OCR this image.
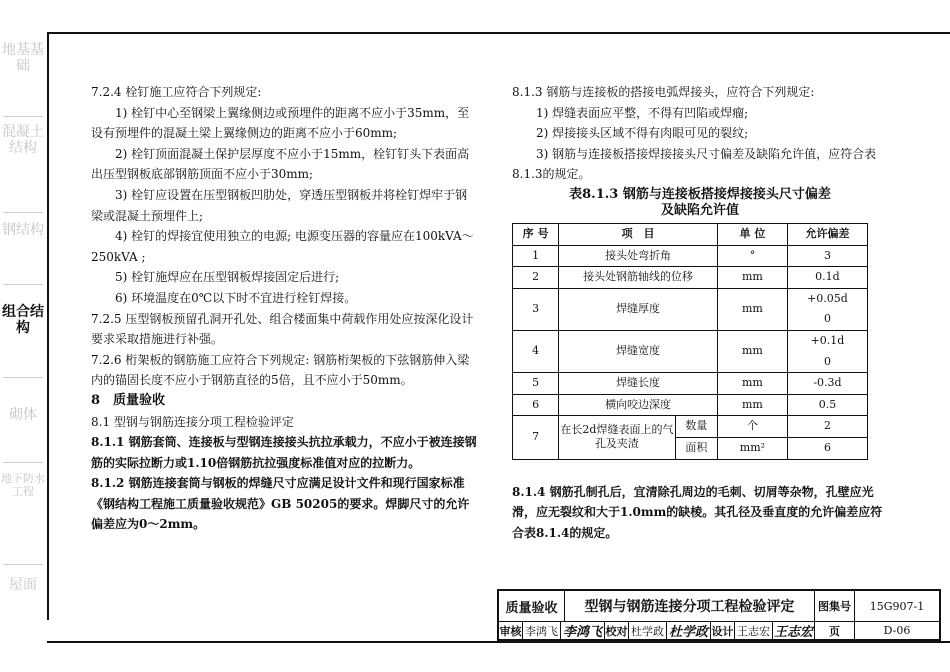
地基基础
混凝土结构
钢结构
组合结构
砌体
地下防水工程
屋面

7.2.4 栓钉施工应符合下列规定:

1) 栓钉中心至钢梁上翼缘侧边或预埋件的距离不应小于35mm，至设有预埋件的混凝土梁上翼缘侧边的距离不应小于60mm;

2) 栓钉顶面混凝土保护层厚度不应小于15mm，栓钉钉头下表面高出压型钢板底部钢筋顶面不应小于30mm;

3) 栓钉应设置在压型钢板凹肋处，穿透压型钢板并将栓钉焊牢于钢梁或混凝土预埋件上;

4) 栓钉的焊接宜使用独立的电源; 电源变压器的容量应在100kVA～250kVA ;

5) 栓钉施焊应在压型钢板焊接固定后进行;

6) 环境温度在0℃以下时不宜进行栓钉焊接。

7.2.5 压型钢板预留孔洞开孔处、组合楼面集中荷载作用处应按深化设计要求采取措施进行补强。

7.2.6 桁架板的钢筋施工应符合下列规定: 钢筋桁架板的下弦钢筋伸入梁内的锚固长度不应小于钢筋直径的5倍，且不应小于50mm。

8　质量验收

8.1 型钢与钢筋连接分项工程检验评定

8.1.1 钢筋套筒、连接板与型钢连接接头抗拉承载力，不应小于被连接钢筋的实际拉断力或1.10倍钢筋抗拉强度标准值对应的拉断力。

8.1.2 钢筋连接套筒与钢板的焊缝尺寸应满足设计文件和现行国家标准《钢结构工程施工质量验收规范》GB 50205的要求。焊脚尺寸的允许偏差应为0～2mm。

8.1.3 钢筋与连接板的搭接电弧焊接头，应符合下列规定:

1) 焊缝表面应平整，不得有凹陷或焊瘤;

2) 焊接接头区域不得有肉眼可见的裂纹;

3) 钢筋与连接板搭接焊接接头尺寸偏差及缺陷允许值，应符合表8.1.3的规定。

表8.1.3 钢筋与连接板搭接焊接接头尺寸偏差
及缺陷允许值
序 号	项　目		单 位	允许偏差
1	接头处弯折角		°	3
2	接头处钢筋轴线的位移		mm	0.1d
3	焊缝厚度		mm	+0.05d
				0
4	焊缝宽度		mm	+0.1d
				0
5	焊缝长度		mm	-0.3d
6	横向咬边深度		mm	0.5
7	在长2d焊缝表面上的气孔及夹渣	数量	个	2
		面积	mm²	6

8.1.4 钢筋孔制孔后，宜清除孔周边的毛刺、切屑等杂物，孔壁应光滑，应无裂纹和大于1.0mm的缺棱。其孔径及垂直度的允许偏差应符合表8.1.4的规定。

质量验收	型钢与钢筋连接分项工程检验评定	图集号	15G907-1
审核 李鸿飞 李鸿飞 校对 杜学政 杜学政 设计 王志宏 王志宏	页	D-06
